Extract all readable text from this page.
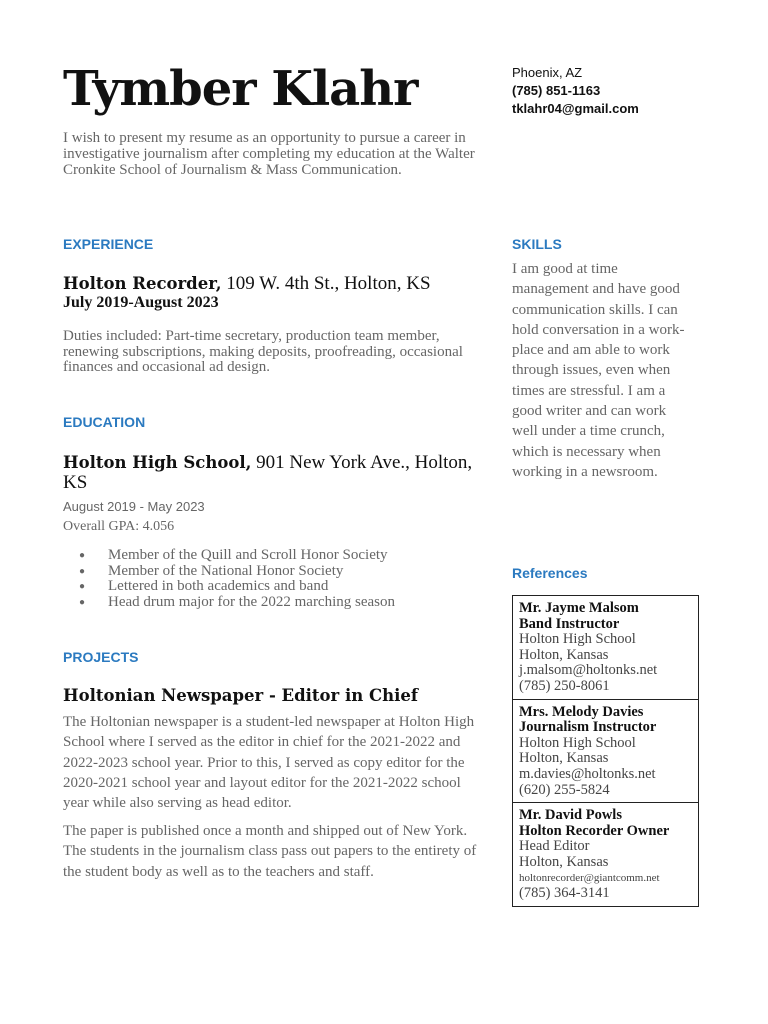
Tymber Klahr

I wish to present my resume as an opportunity to pursue a career in investigative journalism after completing my education at the Walter Cronkite School of Journalism & Mass Communication.

Phoenix, AZ
(785) 851-1163
tklahr04@gmail.com
EXPERIENCE
Holton Recorder, 109 W. 4th St., Holton, KS
July 2019-August 2023

Duties included: Part-time secretary, production team member, renewing subscriptions, making deposits, proofreading, occasional finances and occasional ad design.

EDUCATION
Holton High School, 901 New York Ave., Holton, KS
August 2019 - May 2023
Overall GPA: 4.056
● Member of the Quill and Scroll Honor Society
● Member of the National Honor Society
● Lettered in both academics and band
● Head drum major for the 2022 marching season
PROJECTS
Holtonian Newspaper - Editor in Chief

The Holtonian newspaper is a student-led newspaper at Holton High School where I served as the editor in chief for the 2021-2022 and 2022-2023 school year. Prior to this, I served as copy editor for the 2020-2021 school year and layout editor for the 2021-2022 school year while also serving as head editor.

The paper is published once a month and shipped out of New York. The students in the journalism class pass out papers to the entirety of the student body as well as to the teachers and staff.

SKILLS

I am good at time management and have good communication skills. I can hold conversation in a work-place and am able to work through issues, even when times are stressful. I am a good writer and can work well under a time crunch, which is necessary when working in a newsroom.

References
Mr. Jayme Malsom
Band Instructor
Holton High School
Holton, Kansas
j.malsom@holtonks.net
(785) 250-8061
Mrs. Melody Davies
Journalism Instructor
Holton High School
Holton, Kansas
m.davies@holtonks.net
(620) 255-5824
Mr. David Powls
Holton Recorder Owner
Head Editor
Holton, Kansas
holtonrecorder@giantcomm.net
(785) 364-3141
